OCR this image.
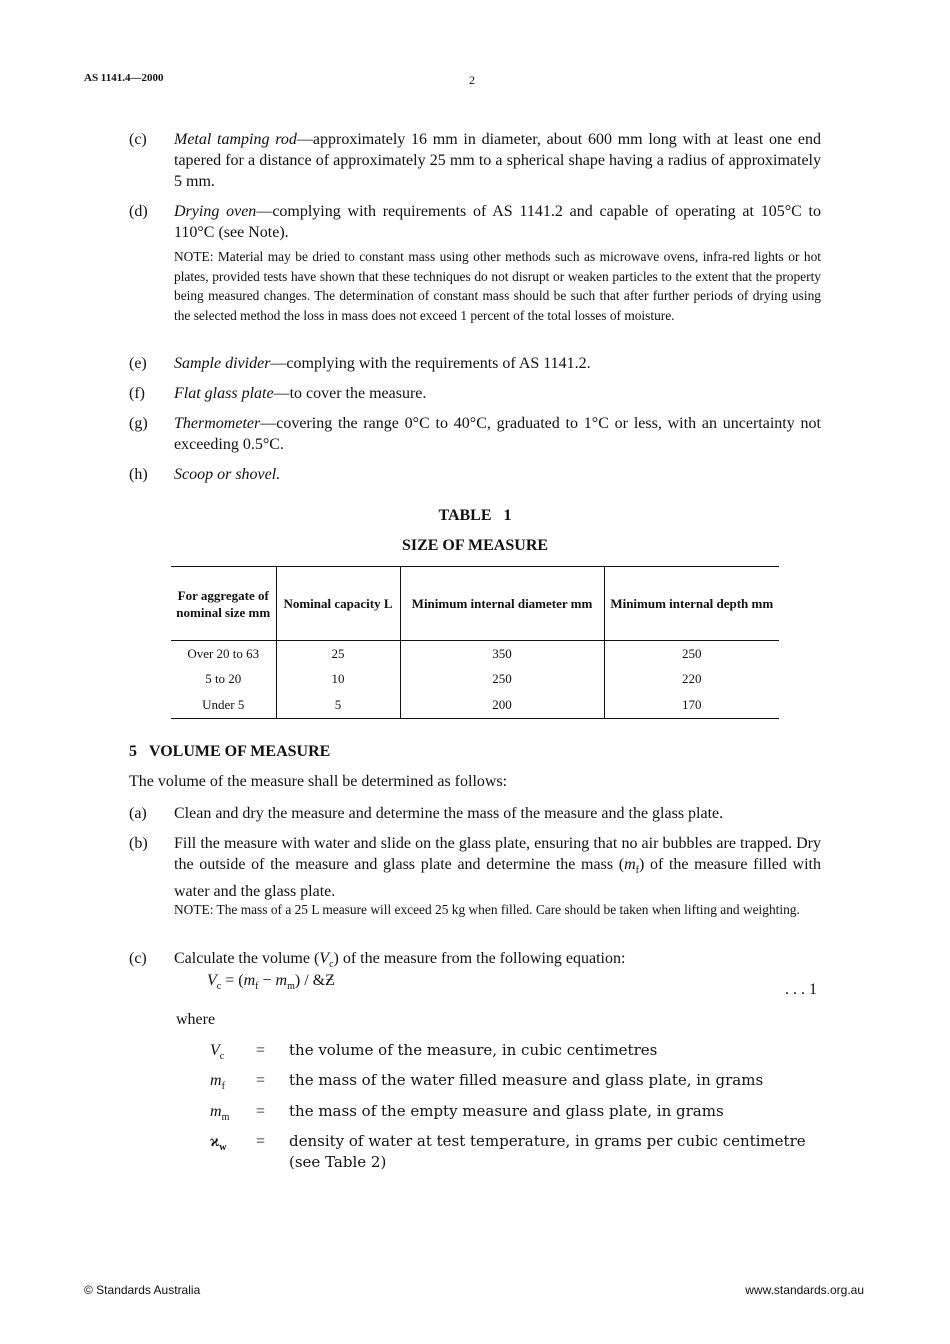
AS 1141.4—2000	2
(c) Metal tamping rod—approximately 16 mm in diameter, about 600 mm long with at least one end tapered for a distance of approximately 25 mm to a spherical shape having a radius of approximately 5 mm.
(d) Drying oven—complying with requirements of AS 1141.2 and capable of operating at 105°C to 110°C (see Note).
NOTE: Material may be dried to constant mass using other methods such as microwave ovens, infra-red lights or hot plates, provided tests have shown that these techniques do not disrupt or weaken particles to the extent that the property being measured changes. The determination of constant mass should be such that after further periods of drying using the selected method the loss in mass does not exceed 1 percent of the total losses of moisture.
(e) Sample divider—complying with the requirements of AS 1141.2.
(f) Flat glass plate—to cover the measure.
(g) Thermometer—covering the range 0°C to 40°C, graduated to 1°C or less, with an uncertainty not exceeding 0.5°C.
(h) Scoop or shovel.
TABLE   1
SIZE OF MEASURE
For aggregate of nominal size mm	Nominal capacity L	Minimum internal diameter mm	Minimum internal depth mm
Over 20 to 63	25	350	250
5 to 20	10	250	220
Under 5	5	200	170
5   VOLUME OF MEASURE
The volume of the measure shall be determined as follows:
(a) Clean and dry the measure and determine the mass of the measure and the glass plate.
(b) Fill the measure with water and slide on the glass plate, ensuring that no air bubbles are trapped. Dry the outside of the measure and glass plate and determine the mass $(m_f)$ of the measure filled with water and the glass plate.
NOTE: The mass of a 25 L measure will exceed 25 kg when filled. Care should be taken when lifting and weighting.
(c) Calculate the volume $(V_c)$ of the measure from the following equation:
$V_c = (m_f - m_m)$ / &Ƶ
. . . 1
where
$V_c$ = the volume of the measure, in cubic centimetres
$m_f$ = the mass of the water filled measure and glass plate, in grams
$m_m$ = the mass of the empty measure and glass plate, in grams
$ϰ_w$ = density of water at test temperature, in grams per cubic centimetre (see Table 2)
© Standards Australia	www.standards.org.au
